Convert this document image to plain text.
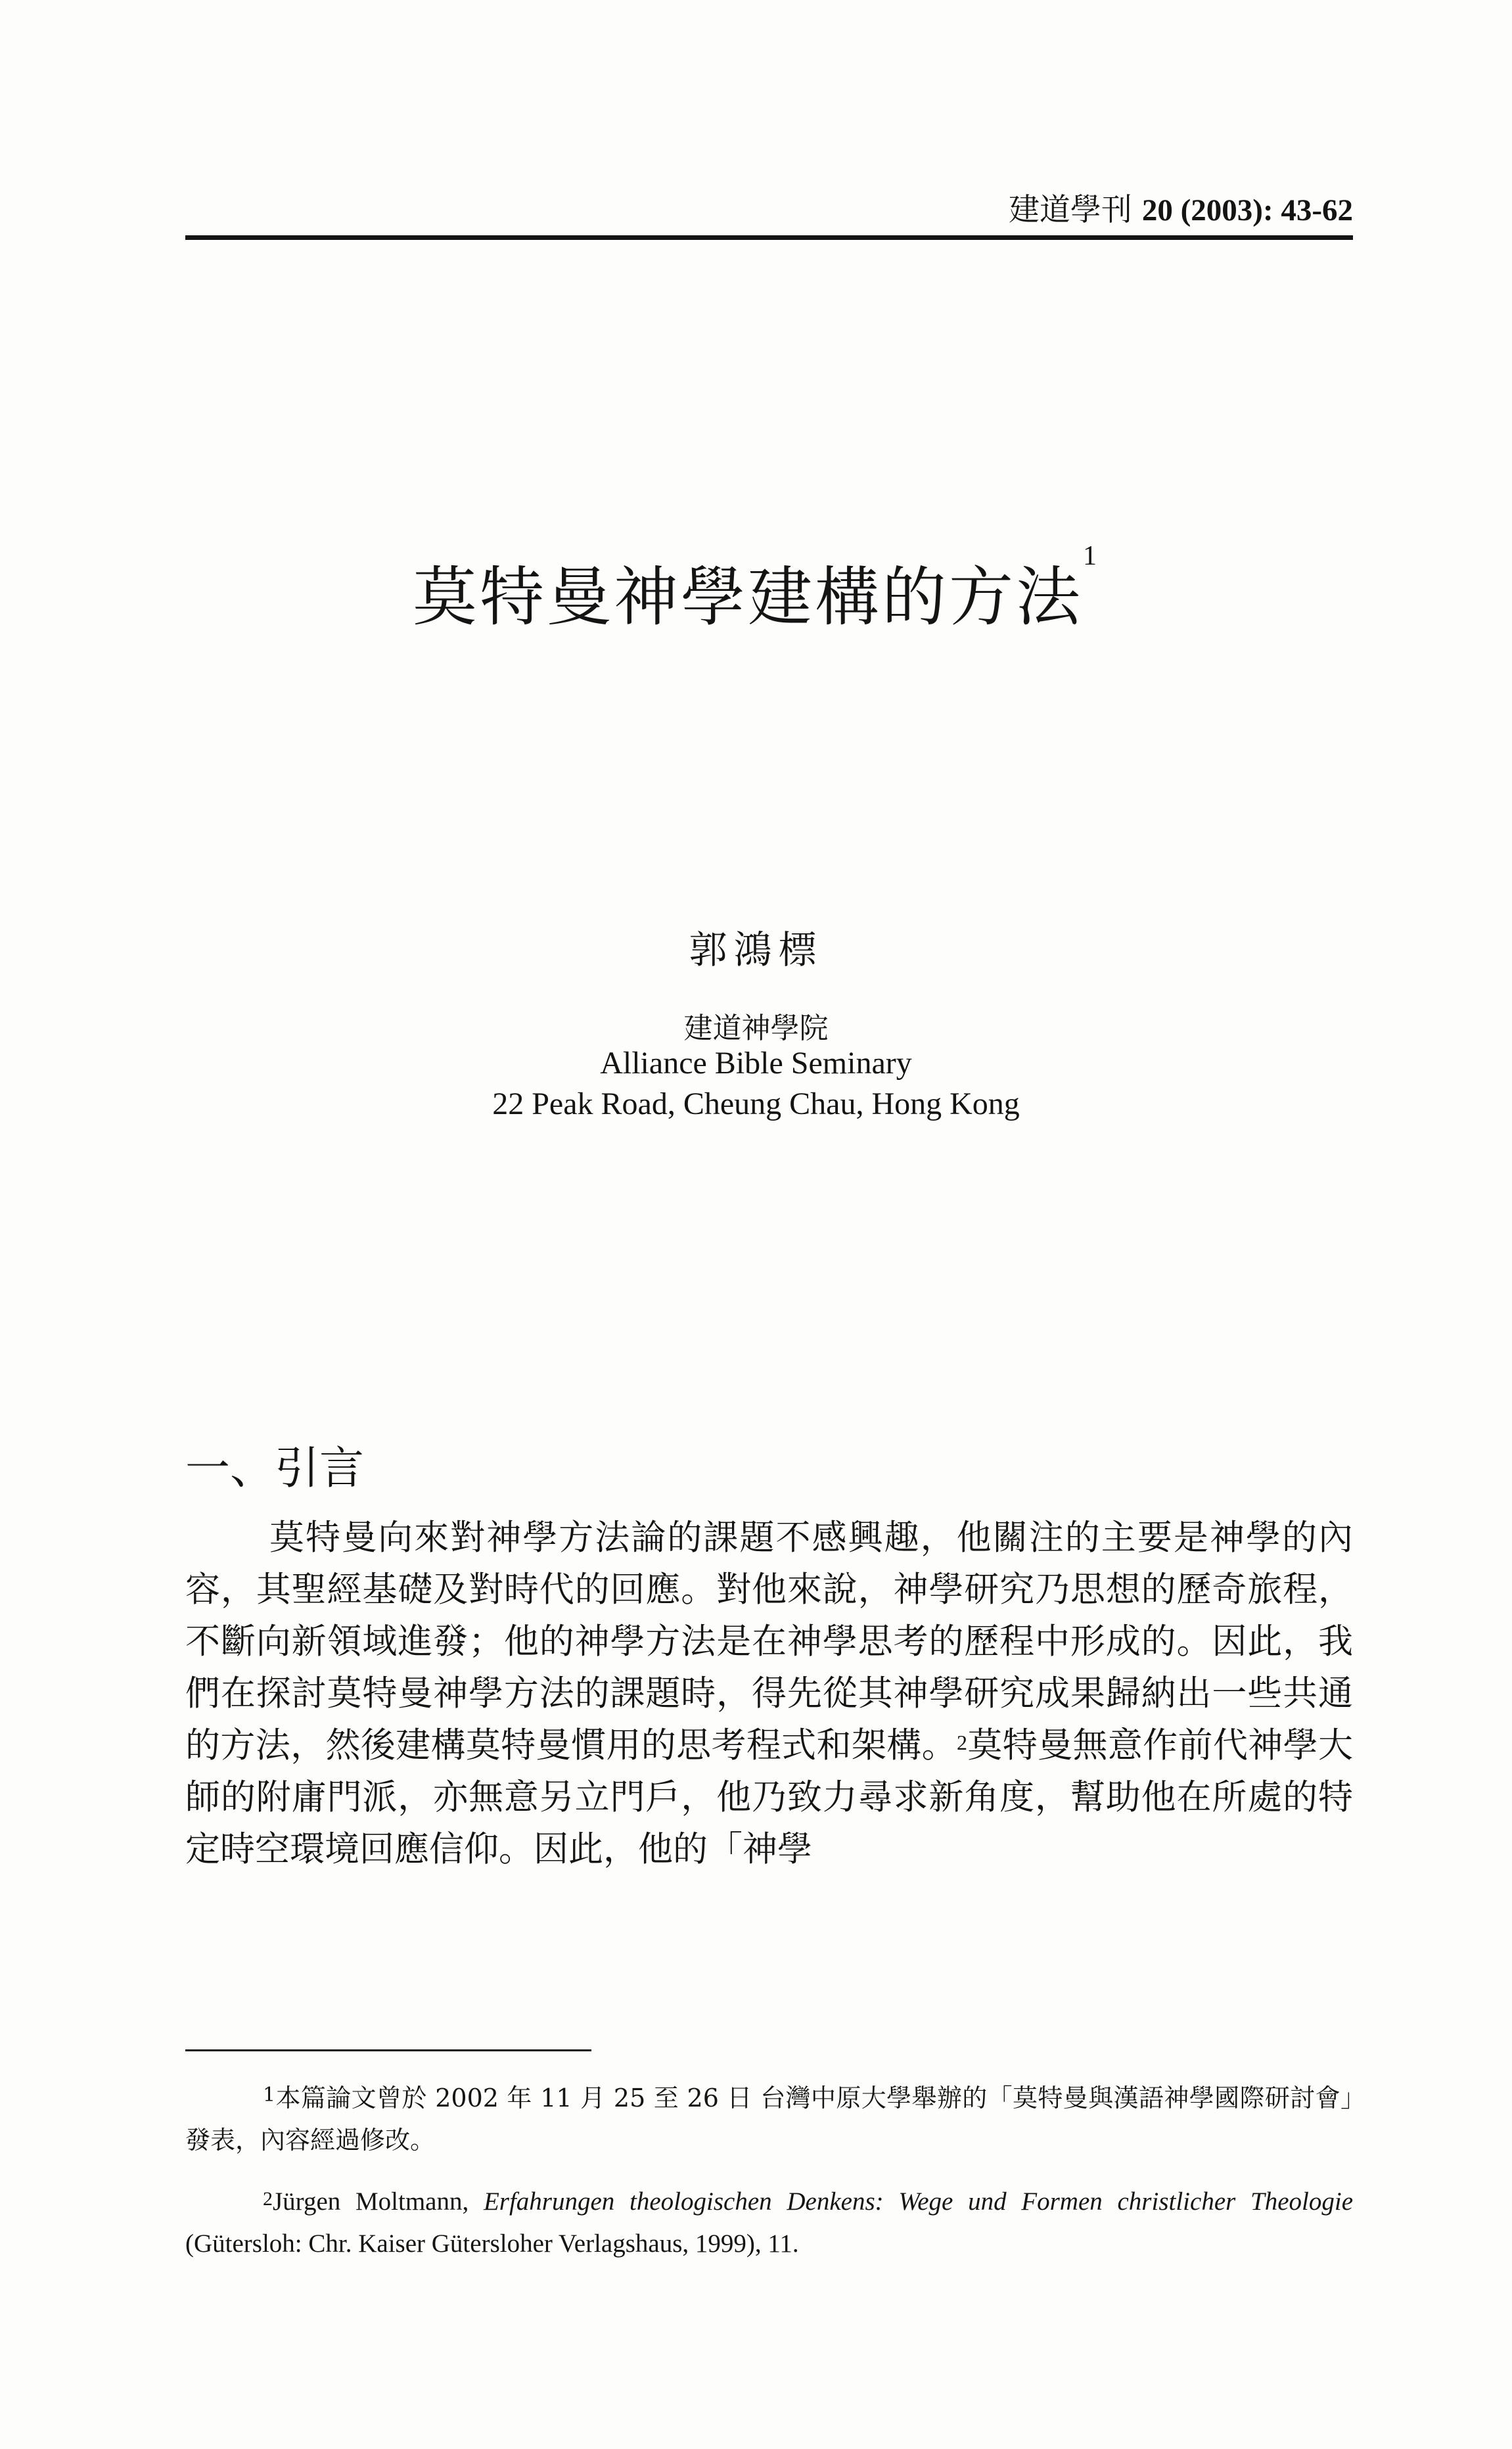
建道學刊 20 (2003): 43-62
莫特曼神學建構的方法$^1$
郭鴻標
建道神學院
Alliance Bible Seminary
22 Peak Road, Cheung Chau, Hong Kong
一、引言
莫特曼向來對神學方法論的課題不感興趣，他關注的主要是神學的內容，其聖經基礎及對時代的回應。對他來說，神學研究乃思想的歷奇旅程，不斷向新領域進發；他的神學方法是在神學思考的歷程中形成的。因此，我們在探討莫特曼神學方法的課題時，得先從其神學研究成果歸納出一些共通的方法，然後建構莫特曼慣用的思考程式和架構。$^2$莫特曼無意作前代神學大師的附庸門派，亦無意另立門戶，他乃致力尋求新角度，幫助他在所處的特定時空環境回應信仰。因此，他的「神學
$^1$本篇論文曾於 2002 年 11 月 25 至 26 日 台灣中原大學舉辦的「莫特曼與漢語神學國際研討會」發表，內容經過修改。
$^2$Jürgen Moltmann, Erfahrungen theologischen Denkens: Wege und Formen christlicher Theologie (Gütersloh: Chr. Kaiser Gütersloher Verlagshaus, 1999), 11.
